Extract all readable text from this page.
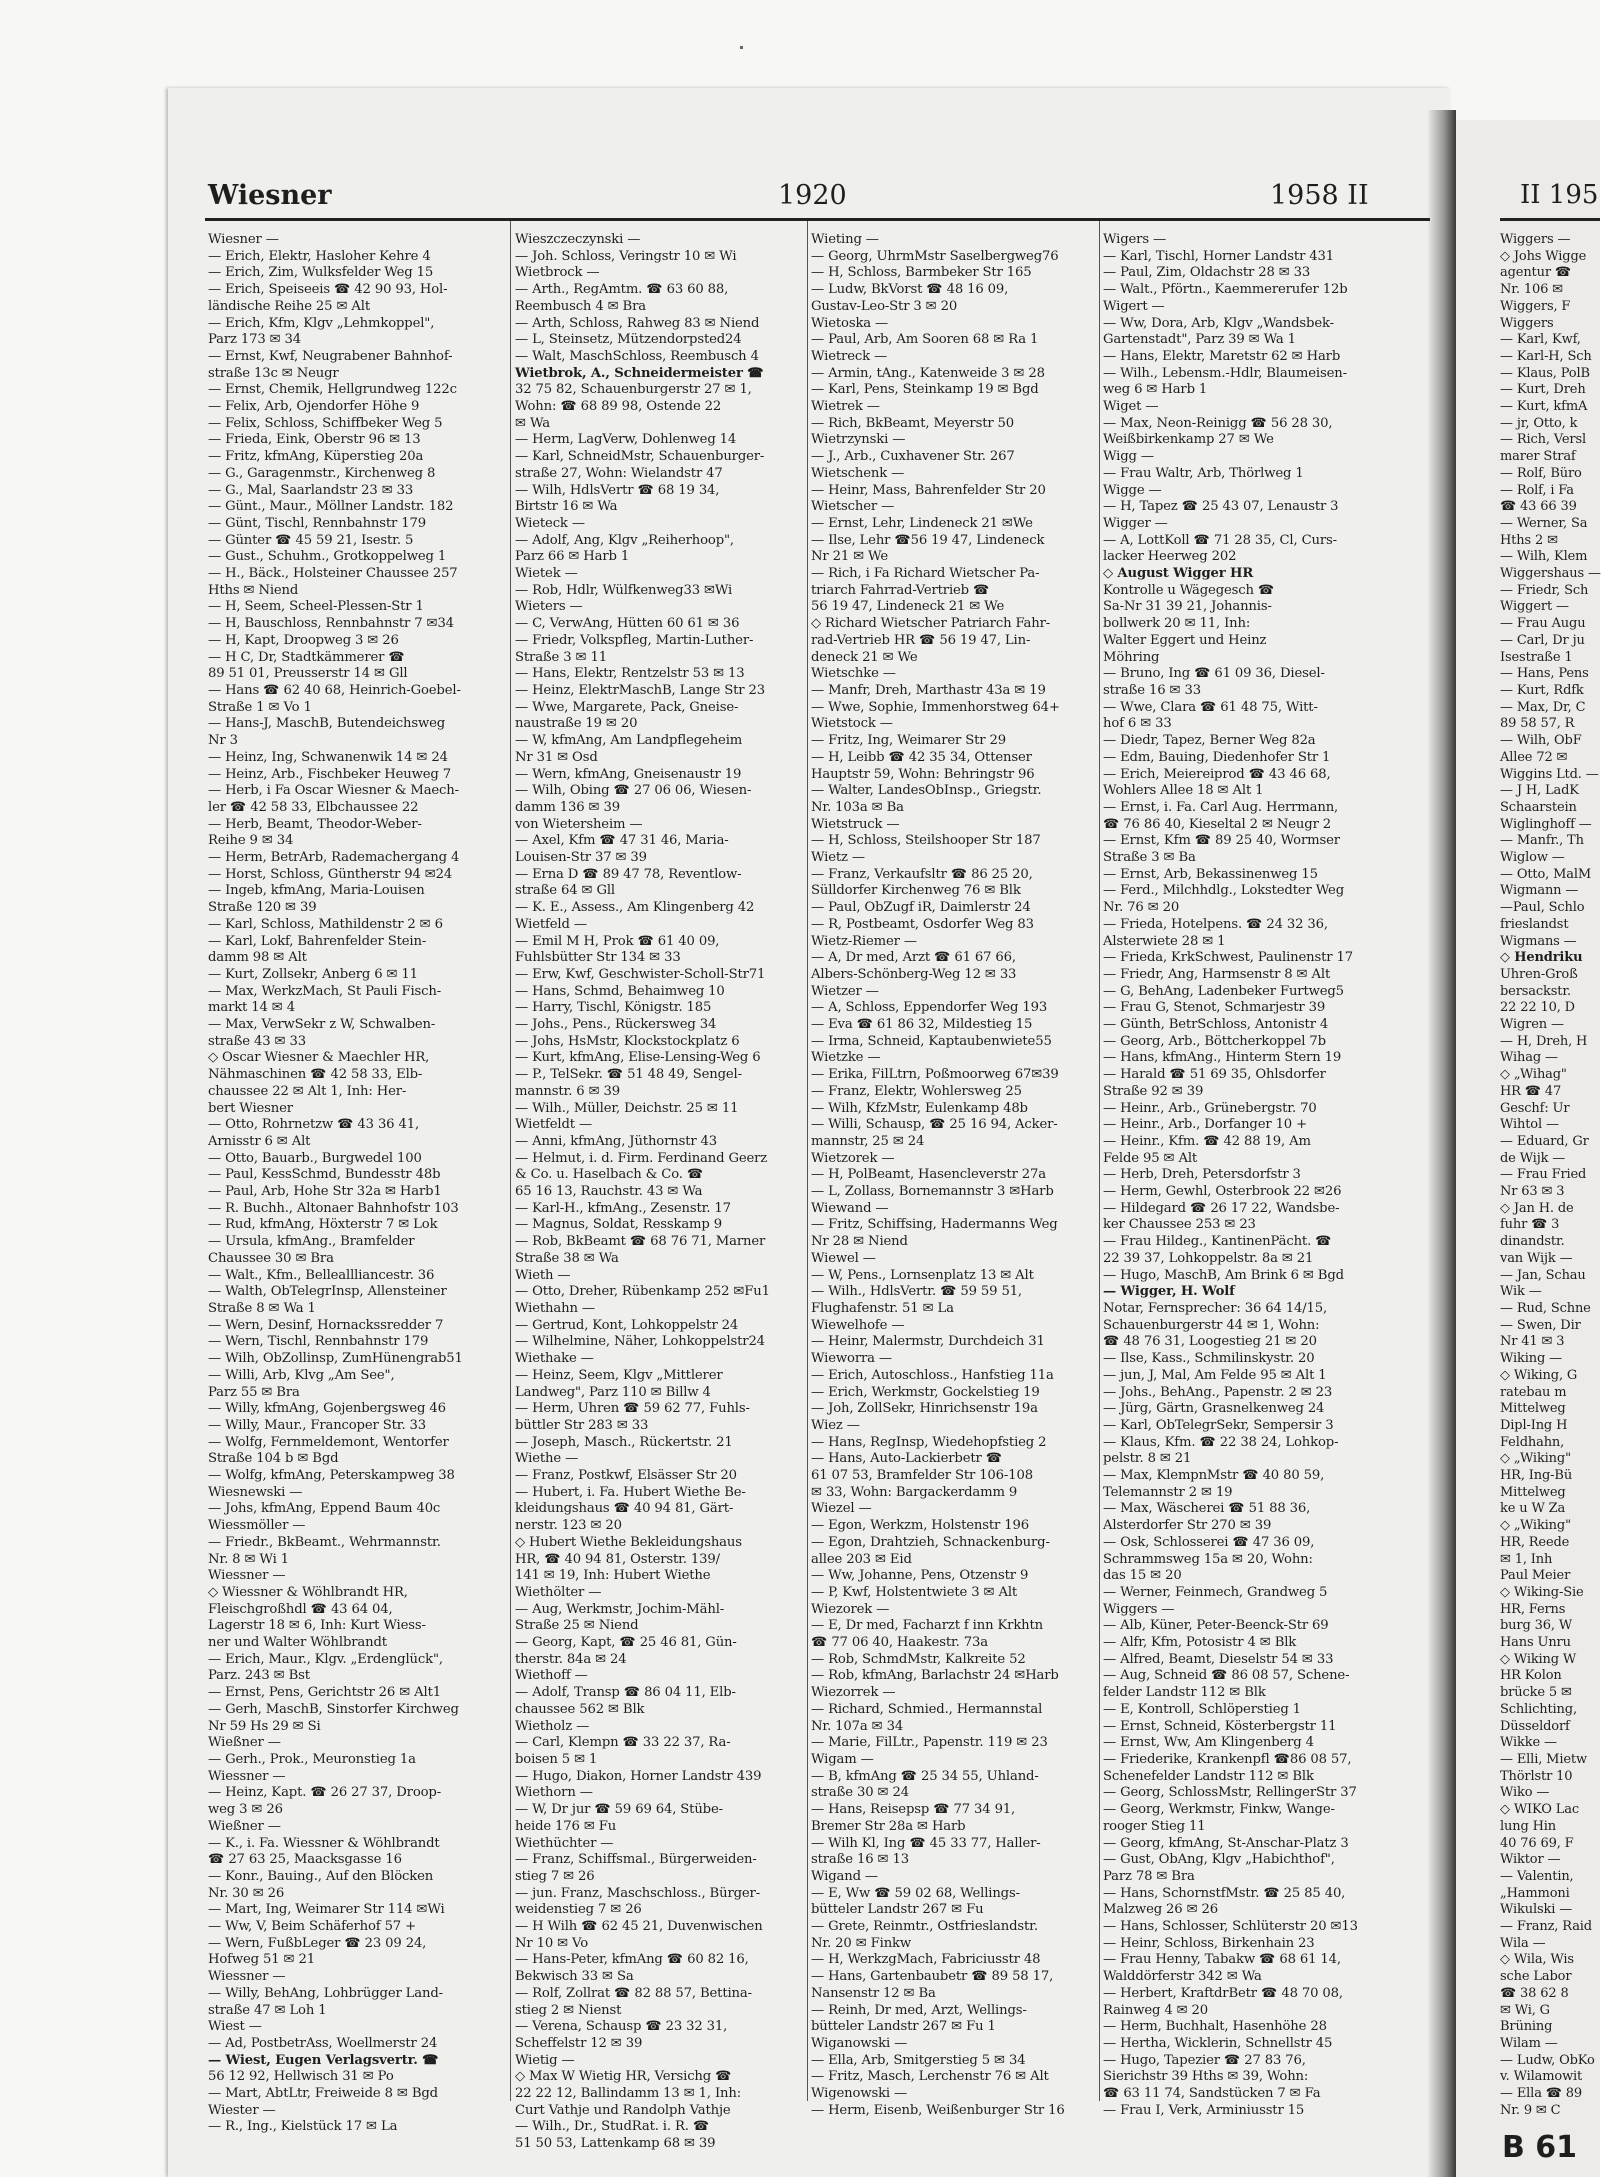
Wiesner	1920	1958 II	II 195
Wiesner —
— Erich, Elektr, Hasloher Kehre 4
— Erich, Zim, Wulksfelder Weg 15
— Erich, Speiseeis ☎ 42 90 93, Hol-
ländische Reihe 25 ✉ Alt
— Erich, Kfm, Klgv „Lehmkoppel",
Parz 173 ✉ 34
— Ernst, Kwf, Neugrabener Bahnhof-
straße 13c ✉ Neugr
— Ernst, Chemik, Hellgrundweg 122c
— Felix, Arb, Ojendorfer Höhe 9
— Felix, Schloss, Schiffbeker Weg 5
— Frieda, Eink, Oberstr 96 ✉ 13
— Fritz, kfmAng, Küperstieg 20a
— G., Garagenmstr., Kirchenweg 8
— G., Mal, Saarlandstr 23 ✉ 33
— Günt., Maur., Möllner Landstr. 182
— Günt, Tischl, Rennbahnstr 179
— Günter ☎ 45 59 21, Isestr. 5
— Gust., Schuhm., Grotkoppelweg 1
— H., Bäck., Holsteiner Chaussee 257
Hths ✉ Niend
— H, Seem, Scheel-Plessen-Str 1
— H, Bauschloss, Rennbahnstr 7 ✉34
— H, Kapt, Droopweg 3 ✉ 26
— H C, Dr, Stadtkämmerer ☎
89 51 01, Preusserstr 14 ✉ Gll
— Hans ☎ 62 40 68, Heinrich-Goebel-
Straße 1 ✉ Vo 1
— Hans-J, MaschB, Butendeichsweg
Nr 3
— Heinz, Ing, Schwanenwik 14 ✉ 24
— Heinz, Arb., Fischbeker Heuweg 7
— Herb, i Fa Oscar Wiesner & Maech-
ler ☎ 42 58 33, Elbchaussee 22
— Herb, Beamt, Theodor-Weber-
Reihe 9 ✉ 34
— Herm, BetrArb, Rademachergang 4
— Horst, Schloss, Güntherstr 94 ✉24
— Ingeb, kfmAng, Maria-Louisen
Straße 120 ✉ 39
— Karl, Schloss, Mathildenstr 2 ✉ 6
— Karl, Lokf, Bahrenfelder Stein-
damm 98 ✉ Alt
— Kurt, Zollsekr, Anberg 6 ✉ 11
— Max, WerkzMach, St Pauli Fisch-
markt 14 ✉ 4
— Max, VerwSekr z W, Schwalben-
straße 43 ✉ 33
◇ Oscar Wiesner & Maechler HR,
Nähmaschinen ☎ 42 58 33, Elb-
chaussee 22 ✉ Alt 1, Inh: Her-
bert Wiesner
— Otto, Rohrnetzw ☎ 43 36 41,
Arnisstr 6 ✉ Alt
— Otto, Bauarb., Burgwedel 100
— Paul, KessSchmd, Bundesstr 48b
— Paul, Arb, Hohe Str 32a ✉ Harb1
— R. Buchh., Altonaer Bahnhofstr 103
— Rud, kfmAng, Höxterstr 7 ✉ Lok
— Ursula, kfmAng., Bramfelder
Chaussee 30 ✉ Bra
— Walt., Kfm., Belleallliancestr. 36
— Walth, ObTelegrInsp, Allensteiner
Straße 8 ✉ Wa 1
— Wern, Desinf, Hornackssredder 7
— Wern, Tischl, Rennbahnstr 179
— Wilh, ObZollinsp, ZumHünengrab51
— Willi, Arb, Klvg „Am See",
Parz 55 ✉ Bra
— Willy, kfmAng, Gojenbergsweg 46
— Willy, Maur., Francoper Str. 33
— Wolfg, Fernmeldemont, Wentorfer
Straße 104 b ✉ Bgd
— Wolfg, kfmAng, Peterskampweg 38
Wiesnewski —
— Johs, kfmAng, Eppend Baum 40c
Wiessmöller —
— Friedr., BkBeamt., Wehrmannstr.
Nr. 8 ✉ Wi 1
Wiessner —
◇ Wiessner & Wöhlbrandt HR,
Fleischgroßhdl ☎ 43 64 04,
Lagerstr 18 ✉ 6, Inh: Kurt Wiess-
ner und Walter Wöhlbrandt
— Erich, Maur., Klgv. „Erdenglück",
Parz. 243 ✉ Bst
— Ernst, Pens, Gerichtstr 26 ✉ Alt1
— Gerh, MaschB, Sinstorfer Kirchweg
Nr 59 Hs 29 ✉ Si
Wießner —
— Gerh., Prok., Meuronstieg 1a
Wiessner —
— Heinz, Kapt. ☎ 26 27 37, Droop-
weg 3 ✉ 26
Wießner —
— K., i. Fa. Wiessner & Wöhlbrandt
☎ 27 63 25, Maacksgasse 16
— Konr., Bauing., Auf den Blöcken
Nr. 30 ✉ 26
— Mart, Ing, Weimarer Str 114 ✉Wi
— Ww, V, Beim Schäferhof 57 +
— Wern, FußbLeger ☎ 23 09 24,
Hofweg 51 ✉ 21
Wiessner —
— Willy, BehAng, Lohbrügger Land-
straße 47 ✉ Loh 1
Wiest —
— Ad, PostbetrAss, Woellmerstr 24
— Wiest, Eugen Verlagsvertr. ☎
56 12 92, Hellwisch 31 ✉ Po
— Mart, AbtLtr, Freiweide 8 ✉ Bgd
Wiester —
— R., Ing., Kielstück 17 ✉ La
Wieszczeczynski —
— Joh. Schloss, Veringstr 10 ✉ Wi
Wietbrock —
— Arth., RegAmtm. ☎ 63 60 88,
Reembusch 4 ✉ Bra
— Arth, Schloss, Rahweg 83 ✉ Niend
— L, Steinsetz, Mützendorpsted24
— Walt, MaschSchloss, Reembusch 4
Wietbrok, A., Schneidermeister ☎
32 75 82, Schauenburgerstr 27 ✉ 1,
Wohn: ☎ 68 89 98, Ostende 22
✉ Wa
— Herm, LagVerw, Dohlenweg 14
— Karl, SchneidMstr, Schauenburger-
straße 27, Wohn: Wielandstr 47
— Wilh, HdlsVertr ☎ 68 19 34,
Birtstr 16 ✉ Wa
Wieteck —
— Adolf, Ang, Klgv „Reiherhoop",
Parz 66 ✉ Harb 1
Wietek —
— Rob, Hdlr, Wülfkenweg33 ✉Wi
Wieters —
— C, VerwAng, Hütten 60 61 ✉ 36
— Friedr, Volkspfleg, Martin-Luther-
Straße 3 ✉ 11
— Hans, Elektr, Rentzelstr 53 ✉ 13
— Heinz, ElektrMaschB, Lange Str 23
— Wwe, Margarete, Pack, Gneise-
naustraße 19 ✉ 20
— W, kfmAng, Am Landpflegeheim
Nr 31 ✉ Osd
— Wern, kfmAng, Gneisenaustr 19
— Wilh, Obing ☎ 27 06 06, Wiesen-
damm 136 ✉ 39
von Wietersheim —
— Axel, Kfm ☎ 47 31 46, Maria-
Louisen-Str 37 ✉ 39
— Erna D ☎ 89 47 78, Reventlow-
straße 64 ✉ Gll
— K. E., Assess., Am Klingenberg 42
Wietfeld —
— Emil M H, Prok ☎ 61 40 09,
Fuhlsbütter Str 134 ✉ 33
— Erw, Kwf, Geschwister-Scholl-Str71
— Hans, Schmd, Behaimweg 10
— Harry, Tischl, Königstr. 185
— Johs., Pens., Rückersweg 34
— Johs, HsMstr, Klockstockplatz 6
— Kurt, kfmAng, Elise-Lensing-Weg 6
— P., TelSekr. ☎ 51 48 49, Sengel-
mannstr. 6 ✉ 39
— Wilh., Müller, Deichstr. 25 ✉ 11
Wietfeldt —
— Anni, kfmAng, Jüthornstr 43
— Helmut, i. d. Firm. Ferdinand Geerz
& Co. u. Haselbach & Co. ☎
65 16 13, Rauchstr. 43 ✉ Wa
— Karl-H., kfmAng., Zesenstr. 17
— Magnus, Soldat, Resskamp 9
— Rob, BkBeamt ☎ 68 76 71, Marner
Straße 38 ✉ Wa
Wieth —
— Otto, Dreher, Rübenkamp 252 ✉Fu1
Wiethahn —
— Gertrud, Kont, Lohkoppelstr 24
— Wilhelmine, Näher, Lohkoppelstr24
Wiethake —
— Heinz, Seem, Klgv „Mittlerer
Landweg", Parz 110 ✉ Billw 4
— Herm, Uhren ☎ 59 62 77, Fuhls-
büttler Str 283 ✉ 33
— Joseph, Masch., Rückertstr. 21
Wiethe —
— Franz, Postkwf, Elsässer Str 20
— Hubert, i. Fa. Hubert Wiethe Be-
kleidungshaus ☎ 40 94 81, Gärt-
nerstr. 123 ✉ 20
◇ Hubert Wiethe Bekleidungshaus
HR, ☎ 40 94 81, Osterstr. 139/
141 ✉ 19, Inh: Hubert Wiethe
Wiethölter —
— Aug, Werkmstr, Jochim-Mähl-
Straße 25 ✉ Niend
— Georg, Kapt, ☎ 25 46 81, Gün-
therstr. 84a ✉ 24
Wiethoff —
— Adolf, Transp ☎ 86 04 11, Elb-
chaussee 562 ✉ Blk
Wietholz —
— Carl, Klempn ☎ 33 22 37, Ra-
boisen 5 ✉ 1
— Hugo, Diakon, Horner Landstr 439
Wiethorn —
— W, Dr jur ☎ 59 69 64, Stübe-
heide 176 ✉ Fu
Wiethüchter —
— Franz, Schiffsmal., Bürgerweiden-
stieg 7 ✉ 26
— jun. Franz, Maschschloss., Bürger-
weidenstieg 7 ✉ 26
— H Wilh ☎ 62 45 21, Duvenwischen
Nr 10 ✉ Vo
— Hans-Peter, kfmAng ☎ 60 82 16,
Bekwisch 33 ✉ Sa
— Rolf, Zollrat ☎ 82 88 57, Bettina-
stieg 2 ✉ Nienst
— Verena, Schausp ☎ 23 32 31,
Scheffelstr 12 ✉ 39
Wietig —
◇ Max W Wietig HR, Versichg ☎
22 22 12, Ballindamm 13 ✉ 1, Inh:
Curt Vathje und Randolph Vathje
— Wilh., Dr., StudRat. i. R. ☎
51 50 53, Lattenkamp 68 ✉ 39
Wieting —
— Georg, UhrmMstr Saselbergweg76
— H, Schloss, Barmbeker Str 165
— Ludw, BkVorst ☎ 48 16 09,
Gustav-Leo-Str 3 ✉ 20
Wietoska —
— Paul, Arb, Am Sooren 68 ✉ Ra 1
Wietreck —
— Armin, tAng., Katenweide 3 ✉ 28
— Karl, Pens, Steinkamp 19 ✉ Bgd
Wietrek —
— Rich, BkBeamt, Meyerstr 50
Wietrzynski —
— J., Arb., Cuxhavener Str. 267
Wietschenk —
— Heinr, Mass, Bahrenfelder Str 20
Wietscher —
— Ernst, Lehr, Lindeneck 21 ✉We
— Ilse, Lehr ☎56 19 47, Lindeneck
Nr 21 ✉ We
— Rich, i Fa Richard Wietscher Pa-
triarch Fahrrad-Vertrieb ☎
56 19 47, Lindeneck 21 ✉ We
◇ Richard Wietscher Patriarch Fahr-
rad-Vertrieb HR ☎ 56 19 47, Lin-
deneck 21 ✉ We
Wietschke —
— Manfr, Dreh, Marthastr 43a ✉ 19
— Wwe, Sophie, Immenhorstweg 64+
Wietstock —
— Fritz, Ing, Weimarer Str 29
— H, Leibb ☎ 42 35 34, Ottenser
Hauptstr 59, Wohn: Behringstr 96
— Walter, LandesObInsp., Griegstr.
Nr. 103a ✉ Ba
Wietstruck —
— H, Schloss, Steilshooper Str 187
Wietz —
— Franz, Verkaufsltr ☎ 86 25 20,
Sülldorfer Kirchenweg 76 ✉ Blk
— Paul, ObZugf iR, Daimlerstr 24
— R, Postbeamt, Osdorfer Weg 83
Wietz-Riemer —
— A, Dr med, Arzt ☎ 61 67 66,
Albers-Schönberg-Weg 12 ✉ 33
Wietzer —
— A, Schloss, Eppendorfer Weg 193
— Eva ☎ 61 86 32, Mildestieg 15
— Irma, Schneid, Kaptaubenwiete55
Wietzke —
— Erika, FilLtrn, Poßmoorweg 67✉39
— Franz, Elektr, Wohlersweg 25
— Wilh, KfzMstr, Eulenkamp 48b
— Willi, Schausp, ☎ 25 16 94, Acker-
mannstr, 25 ✉ 24
Wietzorek —
— H, PolBeamt, Hasencleverstr 27a
— L, Zollass, Bornemannstr 3 ✉Harb
Wiewand —
— Fritz, Schiffsing, Hadermanns Weg
Nr 28 ✉ Niend
Wiewel —
— W, Pens., Lornsenplatz 13 ✉ Alt
— Wilh., HdlsVertr. ☎ 59 59 51,
Flughafenstr. 51 ✉ La
Wiewelhofe —
— Heinr, Malermstr, Durchdeich 31
Wieworra —
— Erich, Autoschloss., Hanfstieg 11a
— Erich, Werkmstr, Gockelstieg 19
— Joh, ZollSekr, Hinrichsenstr 19a
Wiez —
— Hans, RegInsp, Wiedehopfstieg 2
— Hans, Auto-Lackierbetr ☎
61 07 53, Bramfelder Str 106-108
✉ 33, Wohn: Bargackerdamm 9
Wiezel —
— Egon, Werkzm, Holstenstr 196
— Egon, Drahtzieh, Schnackenburg-
allee 203 ✉ Eid
— Ww, Johanne, Pens, Otzenstr 9
— P, Kwf, Holstentwiete 3 ✉ Alt
Wiezorek —
— E, Dr med, Facharzt f inn Krkhtn
☎ 77 06 40, Haakestr. 73a
— Rob, SchmdMstr, Kalkreite 52
— Rob, kfmAng, Barlachstr 24 ✉Harb
Wiezorrek —
— Richard, Schmied., Hermannstal
Nr. 107a ✉ 34
— Marie, FilLtr., Papenstr. 119 ✉ 23
Wigam —
— B, kfmAng ☎ 25 34 55, Uhland-
straße 30 ✉ 24
— Hans, Reisepsp ☎ 77 34 91,
Bremer Str 28a ✉ Harb
— Wilh Kl, Ing ☎ 45 33 77, Haller-
straße 16 ✉ 13
Wigand —
— E, Ww ☎ 59 02 68, Wellings-
bütteler Landstr 267 ✉ Fu
— Grete, Reinmtr., Ostfrieslandstr.
Nr. 20 ✉ Finkw
— H, WerkzgMach, Fabriciusstr 48
— Hans, Gartenbaubetr ☎ 89 58 17,
Nansenstr 12 ✉ Ba
— Reinh, Dr med, Arzt, Wellings-
bütteler Landstr 267 ✉ Fu 1
Wiganowski —
— Ella, Arb, Smitgerstieg 5 ✉ 34
— Fritz, Masch, Lerchenstr 76 ✉ Alt
Wigenowski —
— Herm, Eisenb, Weißenburger Str 16
Wigers —
— Karl, Tischl, Horner Landstr 431
— Paul, Zim, Oldachstr 28 ✉ 33
— Walt., Pförtn., Kaemmererufer 12b
Wigert —
— Ww, Dora, Arb, Klgv „Wandsbek-
Gartenstadt", Parz 39 ✉ Wa 1
— Hans, Elektr, Maretstr 62 ✉ Harb
— Wilh., Lebensm.-Hdlr, Blaumeisen-
weg 6 ✉ Harb 1
Wiget —
— Max, Neon-Reinigg ☎ 56 28 30,
Weißbirkenkamp 27 ✉ We
Wigg —
— Frau Waltr, Arb, Thörlweg 1
Wigge —
— H, Tapez ☎ 25 43 07, Lenaustr 3
Wigger —
— A, LottKoll ☎ 71 28 35, Cl, Curs-
lacker Heerweg 202
◇ August Wigger HR
Kontrolle u Wägegesch ☎
Sa-Nr 31 39 21, Johannis-
bollwerk 20 ✉ 11, Inh:
Walter Eggert und Heinz
Möhring
— Bruno, Ing ☎ 61 09 36, Diesel-
straße 16 ✉ 33
— Wwe, Clara ☎ 61 48 75, Witt-
hof 6 ✉ 33
— Diedr, Tapez, Berner Weg 82a
— Edm, Bauing, Diedenhofer Str 1
— Erich, Meiereiprod ☎ 43 46 68,
Wohlers Allee 18 ✉ Alt 1
— Ernst, i. Fa. Carl Aug. Herrmann,
☎ 76 86 40, Kieseltal 2 ✉ Neugr 2
— Ernst, Kfm ☎ 89 25 40, Wormser
Straße 3 ✉ Ba
— Ernst, Arb, Bekassinenweg 15
— Ferd., Milchhdlg., Lokstedter Weg
Nr. 76 ✉ 20
— Frieda, Hotelpens. ☎ 24 32 36,
Alsterwiete 28 ✉ 1
— Frieda, KrkSchwest, Paulinenstr 17
— Friedr, Ang, Harmsenstr 8 ✉ Alt
— G, BehAng, Ladenbeker Furtweg5
— Frau G, Stenot, Schmarjestr 39
— Günth, BetrSchloss, Antonistr 4
— Georg, Arb., Böttcherkoppel 7b
— Hans, kfmAng., Hinterm Stern 19
— Harald ☎ 51 69 35, Ohlsdorfer
Straße 92 ✉ 39
— Heinr., Arb., Grünebergstr. 70
— Heinr., Arb., Dorfanger 10 +
— Heinr., Kfm. ☎ 42 88 19, Am
Felde 95 ✉ Alt
— Herb, Dreh, Petersdorfstr 3
— Herm, Gewhl, Osterbrook 22 ✉26
— Hildegard ☎ 26 17 22, Wandsbe-
ker Chaussee 253 ✉ 23
— Frau Hildeg., KantinenPächt. ☎
22 39 37, Lohkoppelstr. 8a ✉ 21
— Hugo, MaschB, Am Brink 6 ✉ Bgd
— Wigger, H. Wolf
Notar, Fernsprecher: 36 64 14/15,
Schauenburgerstr 44 ✉ 1, Wohn:
☎ 48 76 31, Loogestieg 21 ✉ 20
— Ilse, Kass., Schmilinskystr. 20
— jun, J, Mal, Am Felde 95 ✉ Alt 1
— Johs., BehAng., Papenstr. 2 ✉ 23
— Jürg, Gärtn, Grasnelkenweg 24
— Karl, ObTelegrSekr, Sempersir 3
— Klaus, Kfm. ☎ 22 38 24, Lohkop-
pelstr. 8 ✉ 21
— Max, KlempnMstr ☎ 40 80 59,
Telemannstr 2 ✉ 19
— Max, Wäscherei ☎ 51 88 36,
Alsterdorfer Str 270 ✉ 39
— Osk, Schlossereі ☎ 47 36 09,
Schrammsweg 15a ✉ 20, Wohn:
das 15 ✉ 20
— Werner, Feinmech, Grandweg 5
Wiggers —
— Alb, Küner, Peter-Beenck-Str 69
— Alfr, Kfm, Potosistr 4 ✉ Blk
— Alfred, Beamt, Dieselstr 54 ✉ 33
— Aug, Schneid ☎ 86 08 57, Schene-
felder Landstr 112 ✉ Blk
— E, Kontroll, Schlöperstieg 1
— Ernst, Schneid, Kösterbergstr 11
— Ernst, Ww, Am Klingenberg 4
— Friederike, Krankenpfl ☎86 08 57,
Schenefelder Landstr 112 ✉ Blk
— Georg, SchlossMstr, RellingerStr 37
— Georg, Werkmstr, Finkw, Wange-
rooger Stieg 11
— Georg, kfmAng, St-Anschar-Platz 3
— Gust, ObAng, Klgv „Habichthof",
Parz 78 ✉ Bra
— Hans, SchornstfMstr. ☎ 25 85 40,
Malzweg 26 ✉ 26
— Hans, Schlosser, Schlüterstr 20 ✉13
— Heinr, Schloss, Birkenhain 23
— Frau Henny, Tabakw ☎ 68 61 14,
Walddörferstr 342 ✉ Wa
— Herbert, KraftdrBetr ☎ 48 70 08,
Rainweg 4 ✉ 20
— Herm, Buchhalt, Hasenhöhe 28
— Hertha, Wicklerin, Schnellstr 45
— Hugo, Tapezier ☎ 27 83 76,
Sierichstr 39 Hths ✉ 39, Wohn:
☎ 63 11 74, Sandstücken 7 ✉ Fa
— Frau I, Verk, Arminiusstr 15
Wiggers —
◇ Johs Wigge
agentur ☎
Nr. 106 ✉
Wiggers, F
Wiggers
— Karl, Kwf,
— Karl-H, Sch
— Klaus, PolB
— Kurt, Dreh
— Kurt, kfmA
— jr, Otto, k
— Rich, Versl
marer Straf
— Rolf, Büro
— Rolf, i Fa
☎ 43 66 39
— Werner, Sa
Hths 2 ✉
— Wilh, Klem
Wiggershaus —
— Friedr, Sch
Wiggert —
— Frau Augu
— Carl, Dr ju
Isestraße 1
— Hans, Pens
— Kurt, Rdfk
— Max, Dr, C
89 58 57, R
— Wilh, ObF
Allee 72 ✉
Wiggins Ltd. —
— J H, LadK
Schaarstein
Wiglinghoff —
— Manfr., Th
Wiglow —
— Otto, MalM
Wigmann —
—Paul, Schlo
frieslandst
Wigmans —
◇ Hendriku
Uhren-Groß
bersackstr.
22 22 10, D
Wigren —
— H, Dreh, H
Wihag —
◇ „Wihag"
HR ☎ 47
Geschf: Ur
Wihtol —
— Eduard, Gr
de Wijk —
— Frau Fried
Nr 63 ✉ 3
◇ Jan H. de
fuhr ☎ 3
dinandstr.
van Wijk —
— Jan, Schau
Wik —
— Rud, Schne
— Swen, Dir
Nr 41 ✉ 3
Wiking —
◇ Wiking, G
ratebau m
Mittelweg
Dipl-Ing H
Feldhahn,
◇ „Wiking"
HR, Ing-Bü
Mittelweg
ke u W Za
◇ „Wiking"
HR, Reede
✉ 1, Inh
Paul Meier
◇ Wiking-Sie
HR, Ferns
burg 36, W
Hans Unru
◇ Wiking W
HR Kolon
brücke 5 ✉
Schlichting,
Düsseldorf
Wikke —
— Elli, Mietw
Thörlstr 10
Wiko —
◇ WIKO Lac
lung Hin
40 76 69, F
Wiktor —
— Valentin,
„Hammoni
Wikulski —
— Franz, Raid
Wila —
◇ Wila, Wis
sche Labor
☎ 38 62 8
✉ Wi, G
Brüning
Wilam —
— Ludw, ObKo
v. Wilamowit
— Ella ☎ 89
Nr. 9 ✉ C
B 61
